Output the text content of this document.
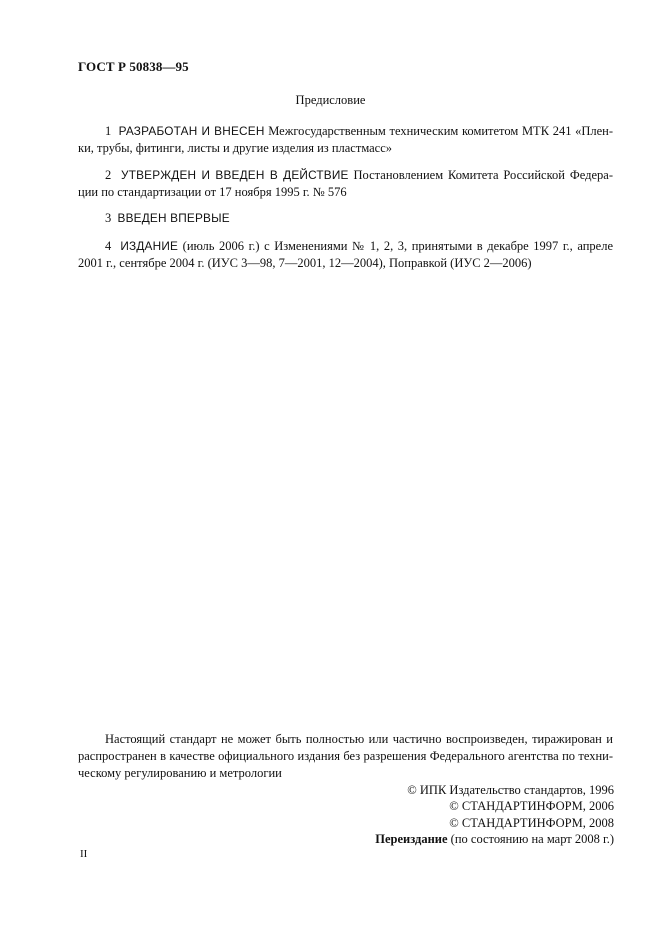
ГОСТ Р 50838—95
Предисловие
1 РАЗРАБОТАН И ВНЕСЕН Межгосударственным техническим комитетом МТК 241 «Плен-
ки, трубы, фитинги, листы и другие изделия из пластмасс»
2 УТВЕРЖДЕН И ВВЕДЕН В ДЕЙСТВИЕ Постановлением Комитета Российской Федера-
ции по стандартизации от 17 ноября 1995 г. № 576
3 ВВЕДЕН ВПЕРВЫЕ
4 ИЗДАНИЕ (июль 2006 г.) с Изменениями № 1, 2, 3, принятыми в декабре 1997 г., апреле
2001 г., сентябре 2004 г. (ИУС 3—98, 7—2001, 12—2004), Поправкой (ИУС 2—2006)
Настоящий стандарт не может быть полностью или частично воспроизведен, тиражирован и
распространен в качестве официального издания без разрешения Федерального агентства по техни-
ческому регулированию и метрологии
© ИПК Издательство стандартов, 1996
© СТАНДАРТИНФОРМ, 2006
© СТАНДАРТИНФОРМ, 2008
Переиздание (по состоянию на март 2008 г.)
II
